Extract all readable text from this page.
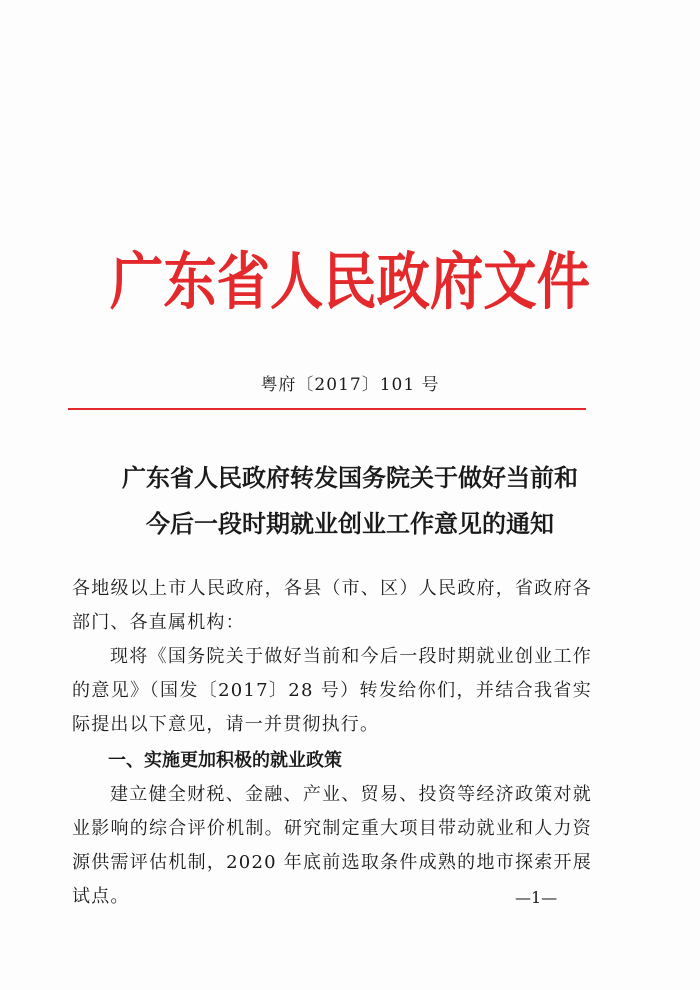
广东省人民政府文件
粤府〔2017〕101 号
广东省人民政府转发国务院关于做好当前和
今后一段时期就业创业工作意见的通知
各地级以上市人民政府，各县（市、区）人民政府，省政府各部门、各直属机构：
现将《国务院关于做好当前和今后一段时期就业创业工作的意见》（国发〔2017〕28 号）转发给你们，并结合我省实际提出以下意见，请一并贯彻执行。
一、实施更加积极的就业政策
建立健全财税、金融、产业、贸易、投资等经济政策对就业影响的综合评价机制。研究制定重大项目带动就业和人力资源供需评估机制，2020 年底前选取条件成熟的地市探索开展试点。	—1—
